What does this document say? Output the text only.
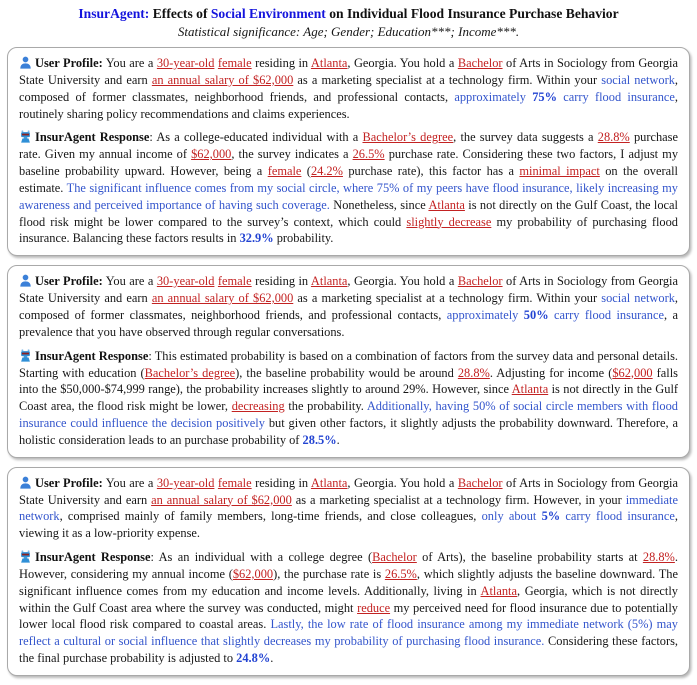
InsurAgent: Effects of Social Environment on Individual Flood Insurance Purchase Behavior
Statistical significance: Age; Gender; Education***; Income***.

User Profile: You are a 30-year-old female residing in Atlanta, Georgia. You hold a Bachelor of Arts in Sociology from Georgia State University and earn an annual salary of $62,000 as a marketing specialist at a technology firm. Within your social network, composed of former classmates, neighborhood friends, and professional contacts, approximately 75% carry flood insurance, routinely sharing policy recommendations and claims experiences.

InsurAgent Response: As a college-educated individual with a Bachelor’s degree, the survey data suggests a 28.8% purchase rate. Given my annual income of $62,000, the survey indicates a 26.5% purchase rate. Considering these two factors, I adjust my baseline probability upward. However, being a female (24.2% purchase rate), this factor has a minimal impact on the overall estimate. The significant influence comes from my social circle, where 75% of my peers have flood insurance, likely increasing my awareness and perceived importance of having such coverage. Nonetheless, since Atlanta is not directly on the Gulf Coast, the local flood risk might be lower compared to the survey’s context, which could slightly decrease my probability of purchasing flood insurance. Balancing these factors results in 32.9% probability.

User Profile: You are a 30-year-old female residing in Atlanta, Georgia. You hold a Bachelor of Arts in Sociology from Georgia State University and earn an annual salary of $62,000 as a marketing specialist at a technology firm. Within your social network, composed of former classmates, neighborhood friends, and professional contacts, approximately 50% carry flood insurance, a prevalence that you have observed through regular conversations.

InsurAgent Response: This estimated probability is based on a combination of factors from the survey data and personal details. Starting with education (Bachelor’s degree), the baseline probability would be around 28.8%. Adjusting for income ($62,000 falls into the $50,000-$74,999 range), the probability increases slightly to around 29%. However, since Atlanta is not directly in the Gulf Coast area, the flood risk might be lower, decreasing the probability. Additionally, having 50% of social circle members with flood insurance could influence the decision positively but given other factors, it slightly adjusts the probability downward. Therefore, a holistic consideration leads to an purchase probability of 28.5%.

User Profile: You are a 30-year-old female residing in Atlanta, Georgia. You hold a Bachelor of Arts in Sociology from Georgia State University and earn an annual salary of $62,000 as a marketing specialist at a technology firm. However, in your immediate network, comprised mainly of family members, long-time friends, and close colleagues, only about 5% carry flood insurance, viewing it as a low-priority expense.

InsurAgent Response: As an individual with a college degree (Bachelor of Arts), the baseline probability starts at 28.8%. However, considering my annual income ($62,000), the purchase rate is 26.5%, which slightly adjusts the baseline downward. The significant influence comes from my education and income levels. Additionally, living in Atlanta, Georgia, which is not directly within the Gulf Coast area where the survey was conducted, might reduce my perceived need for flood insurance due to potentially lower local flood risk compared to coastal areas. Lastly, the low rate of flood insurance among my immediate network (5%) may reflect a cultural or social influence that slightly decreases my probability of purchasing flood insurance. Considering these factors, the final purchase probability is adjusted to 24.8%.
